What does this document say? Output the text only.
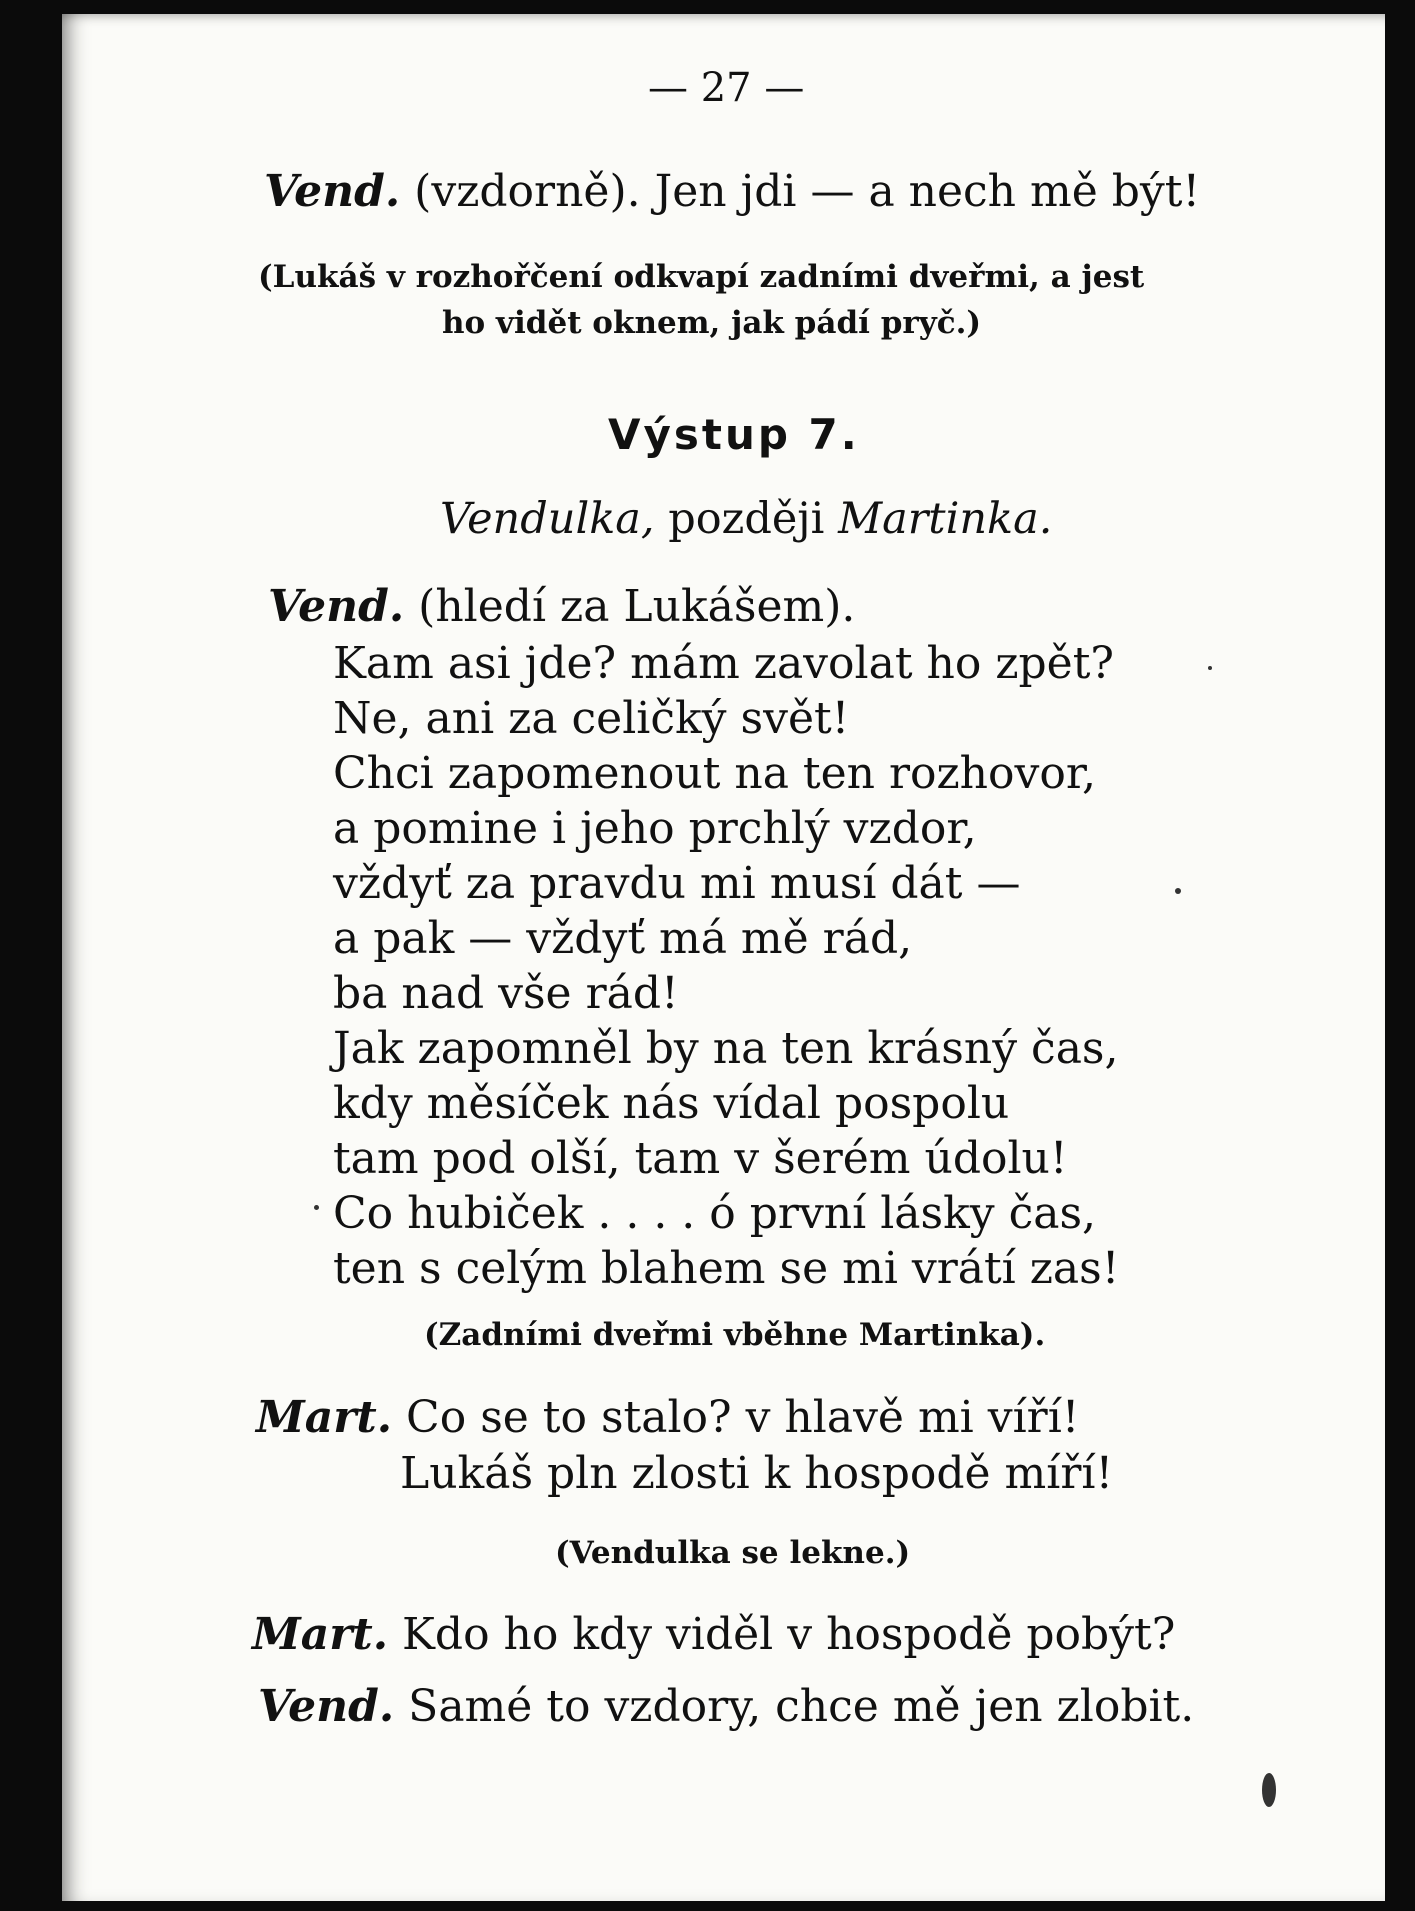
— 27 —
Vend. (vzdorně). Jen jdi — a nech mě být!
(Lukáš v rozhořčení odkvapí zadními dveřmi, a jest
ho vidět oknem, jak pádí pryč.)
Výstup 7.
Vendulka, později Martinka.
Vend. (hledí za Lukášem).
Kam asi jde? mám zavolat ho zpět?
Ne, ani za celičký svět!
Chci zapomenout na ten rozhovor,
a pomine i jeho prchlý vzdor,
vždyť za pravdu mi musí dát —
a pak — vždyť má mě rád,
ba nad vše rád!
Jak zapomněl by na ten krásný čas,
kdy měsíček nás vídal pospolu
tam pod olší, tam v šerém údolu!
Co hubiček . . . . ó první lásky čas,
ten s celým blahem se mi vrátí zas!
(Zadními dveřmi vběhne Martinka).
Mart. Co se to stalo? v hlavě mi víří!
Lukáš pln zlosti k hospodě míří!
(Vendulka se lekne.)
Mart. Kdo ho kdy viděl v hospodě pobýt?
Vend. Samé to vzdory, chce mě jen zlobit.
